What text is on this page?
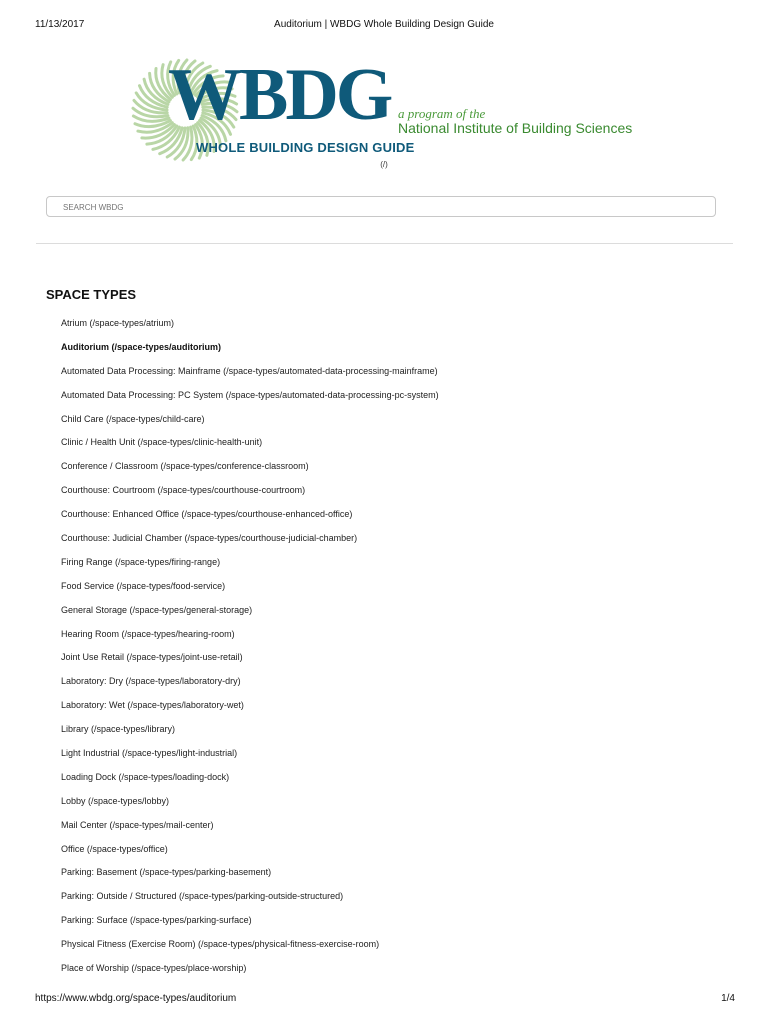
11/13/2017	Auditorium | WBDG Whole Building Design Guide
WBDG
WHOLE BUILDING DESIGN GUIDE
a program of the
National Institute of Building Sciences
(/)
SEARCH WBDG
SPACE TYPES
Atrium (/space-types/atrium)
Auditorium (/space-types/auditorium)
Automated Data Processing: Mainframe (/space-types/automated-data-processing-mainframe)
Automated Data Processing: PC System (/space-types/automated-data-processing-pc-system)
Child Care (/space-types/child-care)
Clinic / Health Unit (/space-types/clinic-health-unit)
Conference / Classroom (/space-types/conference-classroom)
Courthouse: Courtroom (/space-types/courthouse-courtroom)
Courthouse: Enhanced Office (/space-types/courthouse-enhanced-office)
Courthouse: Judicial Chamber (/space-types/courthouse-judicial-chamber)
Firing Range (/space-types/firing-range)
Food Service (/space-types/food-service)
General Storage (/space-types/general-storage)
Hearing Room (/space-types/hearing-room)
Joint Use Retail (/space-types/joint-use-retail)
Laboratory: Dry (/space-types/laboratory-dry)
Laboratory: Wet (/space-types/laboratory-wet)
Library (/space-types/library)
Light Industrial (/space-types/light-industrial)
Loading Dock (/space-types/loading-dock)
Lobby (/space-types/lobby)
Mail Center (/space-types/mail-center)
Office (/space-types/office)
Parking: Basement (/space-types/parking-basement)
Parking: Outside / Structured (/space-types/parking-outside-structured)
Parking: Surface (/space-types/parking-surface)
Physical Fitness (Exercise Room) (/space-types/physical-fitness-exercise-room)
Place of Worship (/space-types/place-worship)
https://www.wbdg.org/space-types/auditorium	1/4
